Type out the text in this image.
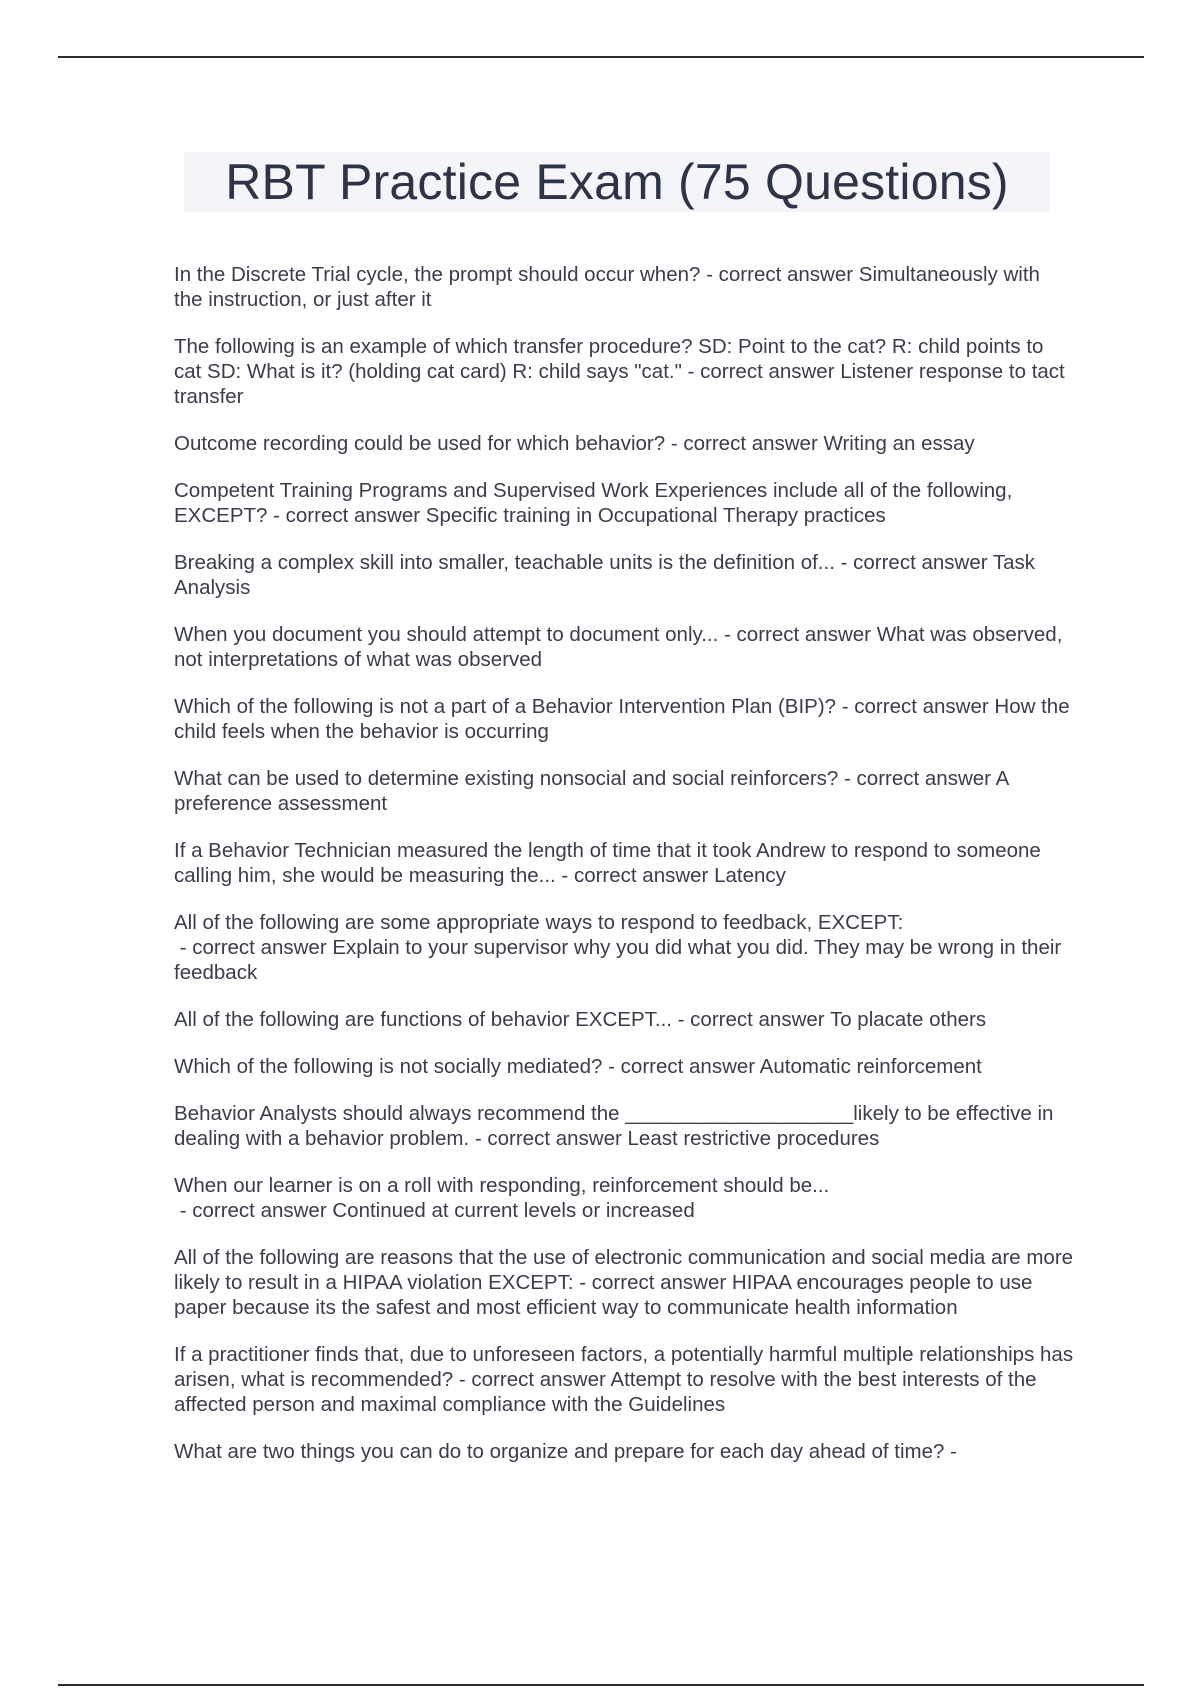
RBT Practice Exam (75 Questions)

In the Discrete Trial cycle, the prompt should occur when? - correct answer Simultaneously with the instruction, or just after it

The following is an example of which transfer procedure? SD: Point to the cat? R: child points to cat SD: What is it? (holding cat card) R: child says "cat." - correct answer Listener response to tact transfer

Outcome recording could be used for which behavior? - correct answer Writing an essay

Competent Training Programs and Supervised Work Experiences include all of the following, EXCEPT? - correct answer Specific training in Occupational Therapy practices

Breaking a complex skill into smaller, teachable units is the definition of... - correct answer Task Analysis

When you document you should attempt to document only... - correct answer What was observed, not interpretations of what was observed

Which of the following is not a part of a Behavior Intervention Plan (BIP)? - correct answer How the child feels when the behavior is occurring

What can be used to determine existing nonsocial and social reinforcers? - correct answer A preference assessment

If a Behavior Technician measured the length of time that it took Andrew to respond to someone calling him, she would be measuring the... - correct answer Latency

All of the following are some appropriate ways to respond to feedback, EXCEPT: - correct answer Explain to your supervisor why you did what you did. They may be wrong in their feedback

All of the following are functions of behavior EXCEPT... - correct answer To placate others

Which of the following is not socially mediated? - correct answer Automatic reinforcement

Behavior Analysts should always recommend the ____________________likely to be effective in dealing with a behavior problem. - correct answer Least restrictive procedures

When our learner is on a roll with responding, reinforcement should be... - correct answer Continued at current levels or increased

All of the following are reasons that the use of electronic communication and social media are more likely to result in a HIPAA violation EXCEPT: - correct answer HIPAA encourages people to use paper because its the safest and most efficient way to communicate health information

If a practitioner finds that, due to unforeseen factors, a potentially harmful multiple relationships has arisen, what is recommended? - correct answer Attempt to resolve with the best interests of the affected person and maximal compliance with the Guidelines

What are two things you can do to organize and prepare for each day ahead of time? -
